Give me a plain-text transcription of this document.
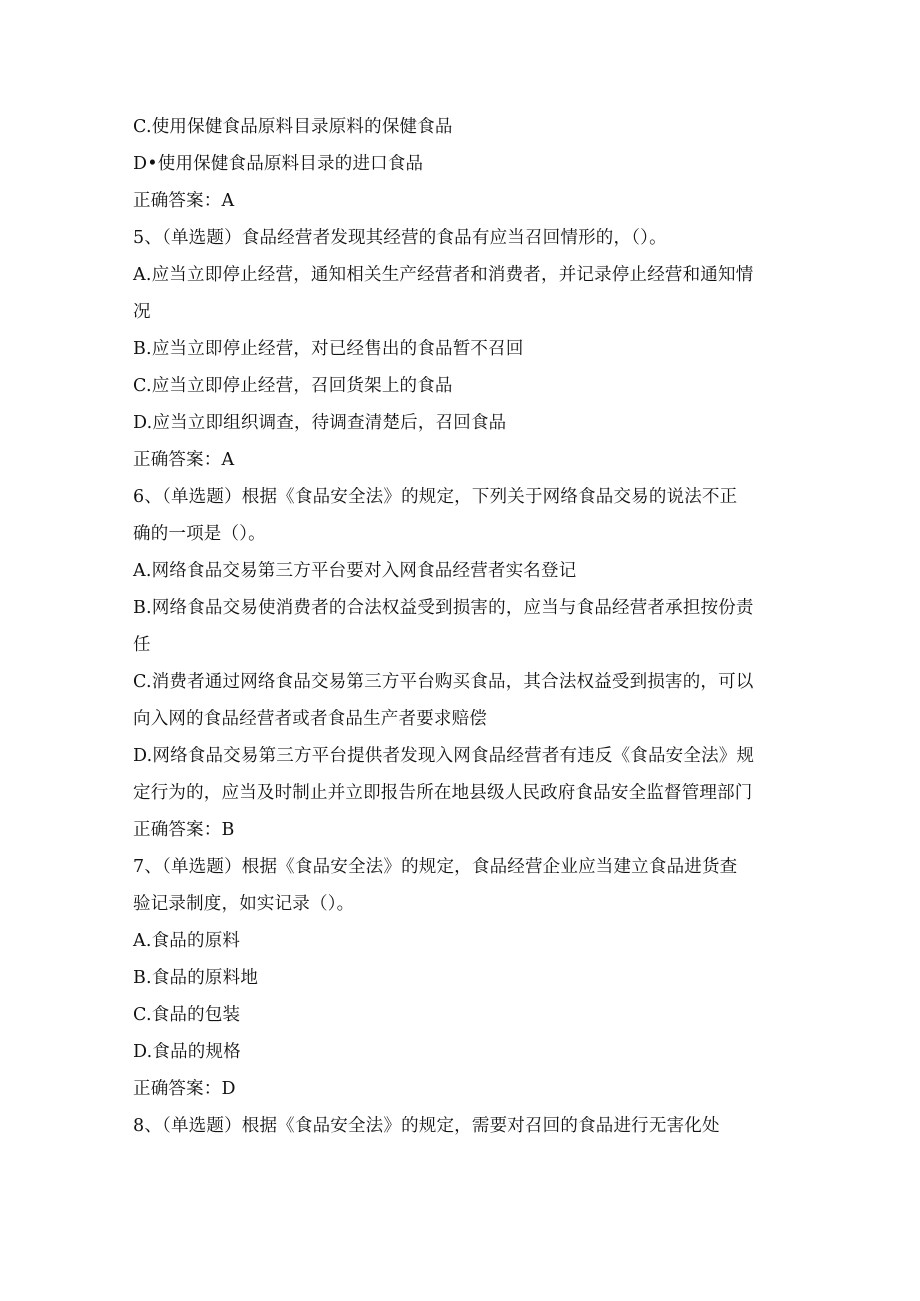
C.使用保健食品原料目录原料的保健食品
D•使用保健食品原料目录的进口食品
正确答案：A
5、（单选题）食品经营者发现其经营的食品有应当召回情形的，（）。
A.应当立即停止经营，通知相关生产经营者和消费者，并记录停止经营和通知情
况
B.应当立即停止经营，对已经售出的食品暂不召回
C.应当立即停止经营，召回货架上的食品
D.应当立即组织调查，待调查清楚后，召回食品
正确答案：A
6、（单选题）根据《食品安全法》的规定，下列关于网络食品交易的说法不正
确的一项是（）。
A.网络食品交易第三方平台要对入网食品经营者实名登记
B.网络食品交易使消费者的合法权益受到损害的，应当与食品经营者承担按份责
任
C.消费者通过网络食品交易第三方平台购买食品，其合法权益受到损害的，可以
向入网的食品经营者或者食品生产者要求赔偿
D.网络食品交易第三方平台提供者发现入网食品经营者有违反《食品安全法》规
定行为的，应当及时制止并立即报告所在地县级人民政府食品安全监督管理部门
正确答案：B
7、（单选题）根据《食品安全法》的规定，食品经营企业应当建立食品进货查
验记录制度，如实记录（）。
A.食品的原料
B.食品的原料地
C.食品的包装
D.食品的规格
正确答案：D
8、（单选题）根据《食品安全法》的规定，需要对召回的食品进行无害化处
